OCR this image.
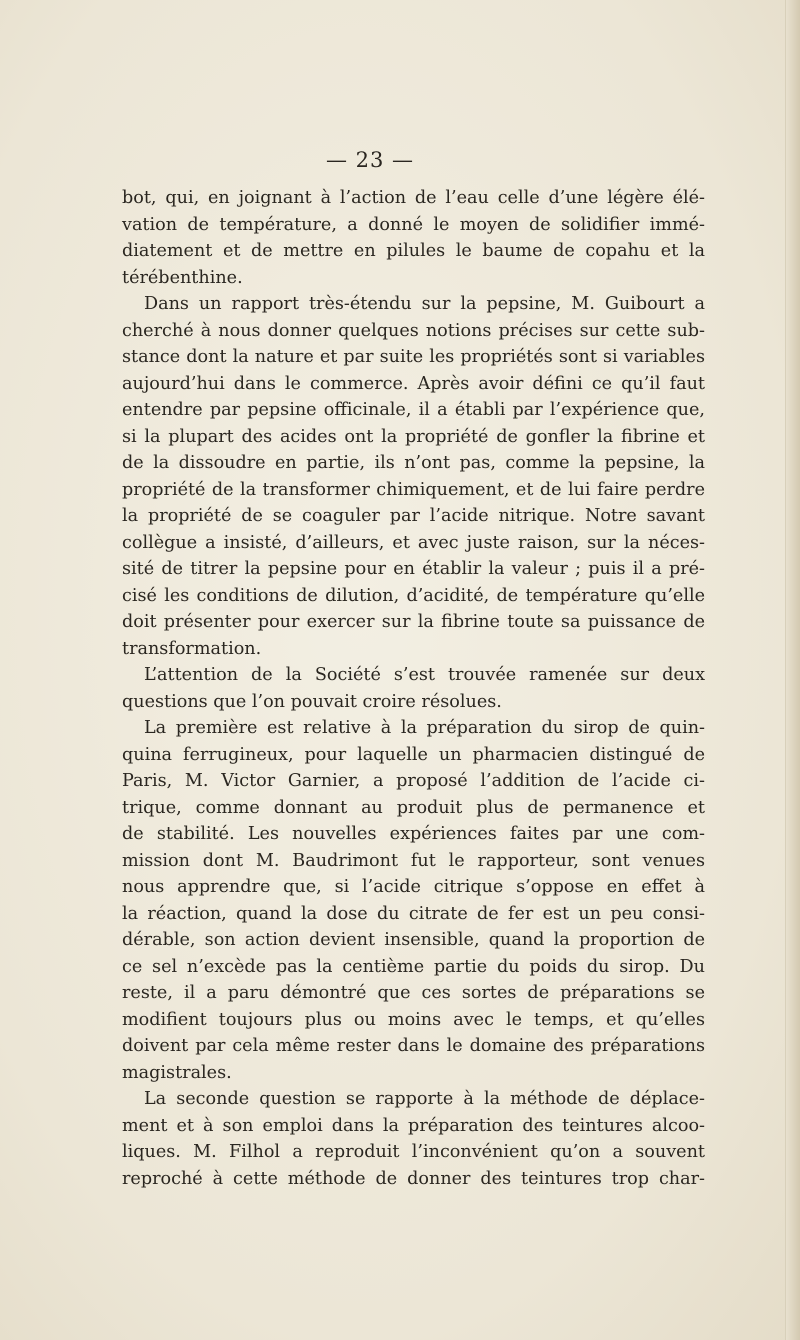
— 23 —
bot, qui, en joignant à l’action de l’eau celle d’une légère élé-
vation de température, a donné le moyen de solidifier immé-
diatement et de mettre en pilules le baume de copahu et la
térébenthine.
Dans un rapport très-étendu sur la pepsine, M. Guibourt a
cherché à nous donner quelques notions précises sur cette sub-
stance dont la nature et par suite les propriétés sont si variables
aujourd’hui dans le commerce. Après avoir défini ce qu’il faut
entendre par pepsine officinale, il a établi par l’expérience que,
si la plupart des acides ont la propriété de gonfler la fibrine et
de la dissoudre en partie, ils n’ont pas, comme la pepsine, la
propriété de la transformer chimiquement, et de lui faire perdre
la propriété de se coaguler par l’acide nitrique. Notre savant
collègue a insisté, d’ailleurs, et avec juste raison, sur la néces-
sité de titrer la pepsine pour en établir la valeur ; puis il a pré-
cisé les conditions de dilution, d’acidité, de température qu’elle
doit présenter pour exercer sur la fibrine toute sa puissance de
transformation.
L’attention de la Société s’est trouvée ramenée sur deux
questions que l’on pouvait croire résolues.
La première est relative à la préparation du sirop de quin-
quina ferrugineux, pour laquelle un pharmacien distingué de
Paris, M. Victor Garnier, a proposé l’addition de l’acide ci-
trique, comme donnant au produit plus de permanence et
de stabilité. Les nouvelles expériences faites par une com-
mission dont M. Baudrimont fut le rapporteur, sont venues
nous apprendre que, si l’acide citrique s’oppose en effet à
la réaction, quand la dose du citrate de fer est un peu consi-
dérable, son action devient insensible, quand la proportion de
ce sel n’excède pas la centième partie du poids du sirop. Du
reste, il a paru démontré que ces sortes de préparations se
modifient toujours plus ou moins avec le temps, et qu’elles
doivent par cela même rester dans le domaine des préparations
magistrales.
La seconde question se rapporte à la méthode de déplace-
ment et à son emploi dans la préparation des teintures alcoo-
liques. M. Filhol a reproduit l’inconvénient qu’on a souvent
reproché à cette méthode de donner des teintures trop char-
